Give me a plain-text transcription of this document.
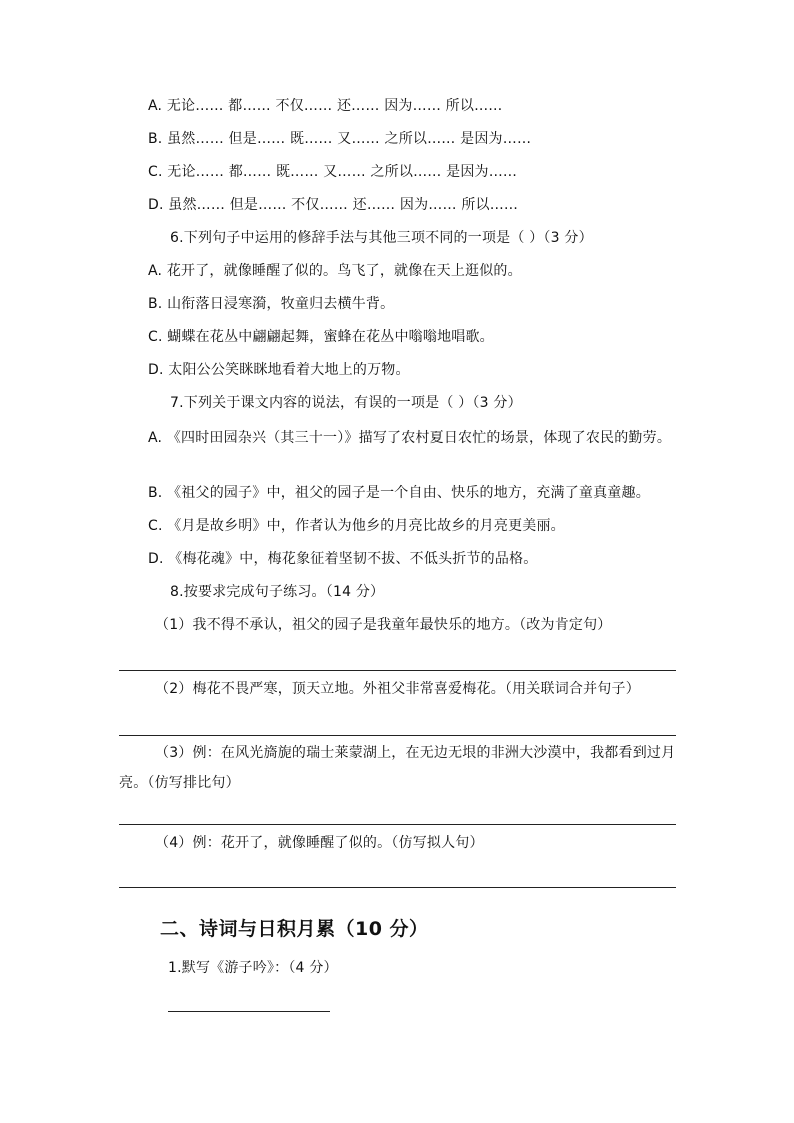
A. 无论…… 都…… 不仅…… 还…… 因为…… 所以……
B. 虽然…… 但是…… 既…… 又…… 之所以…… 是因为……
C. 无论…… 都…… 既…… 又…… 之所以…… 是因为……
D. 虽然…… 但是…… 不仅…… 还…… 因为…… 所以……
6.下列句子中运用的修辞手法与其他三项不同的一项是（ ）（3 分）
A. 花开了，就像睡醒了似的。鸟飞了，就像在天上逛似的。
B. 山衔落日浸寒漪，牧童归去横牛背。
C. 蝴蝶在花丛中翩翩起舞，蜜蜂在花丛中嗡嗡地唱歌。
D. 太阳公公笑眯眯地看着大地上的万物。
7.下列关于课文内容的说法，有误的一项是（ ）（3 分）
A. 《四时田园杂兴（其三十一）》描写了农村夏日农忙的场景，体现了农民的勤劳。
B. 《祖父的园子》中，祖父的园子是一个自由、快乐的地方，充满了童真童趣。
C. 《月是故乡明》中，作者认为他乡的月亮比故乡的月亮更美丽。
D. 《梅花魂》中，梅花象征着坚韧不拔、不低头折节的品格。
8.按要求完成句子练习。（14 分）
（1）我不得不承认，祖父的园子是我童年最快乐的地方。（改为肯定句）
（2）梅花不畏严寒，顶天立地。外祖父非常喜爱梅花。（用关联词合并句子）
（3）例：在风光旖旎的瑞士莱蒙湖上，在无边无垠的非洲大沙漠中，我都看到过月亮。（仿写排比句）
（4）例：花开了，就像睡醒了似的。（仿写拟人句）
二、诗词与日积月累（10 分）
1.默写《游子吟》：（4 分）
